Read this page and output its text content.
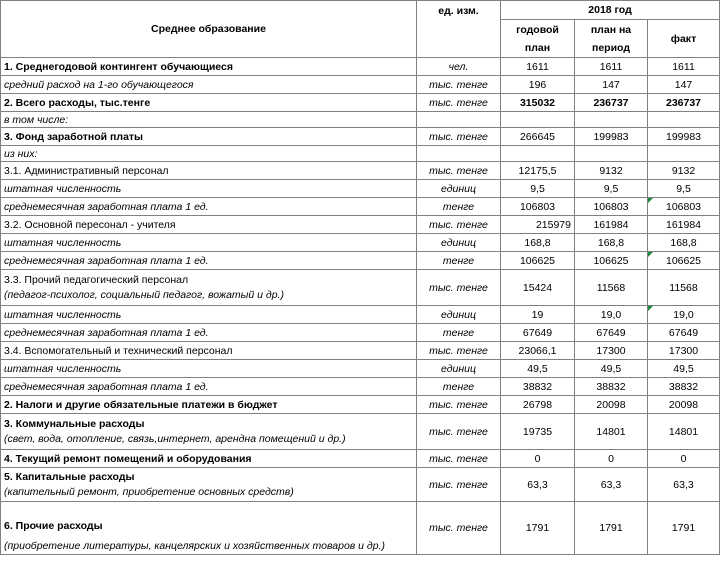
Среднее образование	ед. изм.	2018 год		
		годовой план	план на период	факт

1. Среднегодовой контингент обучающиеся	чел.	1611	1611	1611
средний расход на 1-го обучающегося	тыс. тенге	196	147	147
2. Всего расходы, тыс.тенге	тыс. тенге	315032	236737	236737
в том числе:				
3. Фонд заработной платы	тыс. тенге	266645	199983	199983
из них:				
3.1. Административный персонал	тыс. тенге	12175,5	9132	9132
штатная численность	единиц	9,5	9,5	9,5
среднемесячная заработная плата 1 ед.	тенге	106803	106803	106803
3.2. Основной пересонал - учителя	тыс. тенге	215979	161984	161984
штатная численность	единиц	168,8	168,8	168,8
среднемесячная заработная плата 1 ед.	тенге	106625	106625	106625
3.3. Прочий педагогический персонал
(педагог-психолог, социальный педагог, вожатый и др.)	тыс. тенге	15424	11568	11568
штатная численность	единиц	19	19,0	19,0
среднемесячная заработная плата 1 ед.	тенге	67649	67649	67649
3.4. Вспомогательный и технический персонал	тыс. тенге	23066,1	17300	17300
штатная численность	единиц	49,5	49,5	49,5
среднемесячная заработная плата 1 ед.	тенге	38832	38832	38832
2. Налоги и другие обязательные платежи в бюджет	тыс. тенге	26798	20098	20098
3. Коммунальные расходы
(свет, вода, отопление, связь,интернет, арендна помещений и др.)	тыс. тенге	19735	14801	14801
4. Текущий ремонт помещений и оборудования	тыс. тенге	0	0	0
5. Капитальные расходы
(капительный ремонт, приобретение основных средств)	тыс. тенге	63,3	63,3	63,3
6. Прочие расходы
(приобретение литературы, канцелярских и хозяйственных товаров и др.)	тыс. тенге	1791	1791	1791
